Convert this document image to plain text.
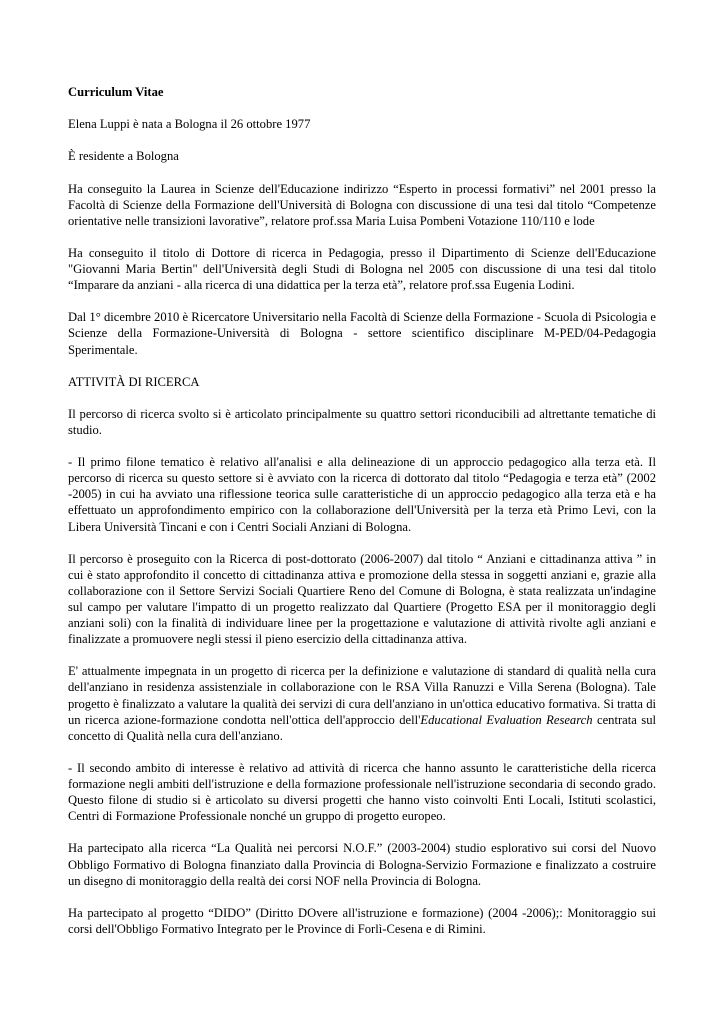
Curriculum Vitae

Elena Luppi è nata a Bologna il 26 ottobre 1977

È residente a Bologna

Ha conseguito la Laurea in Scienze dell'Educazione indirizzo “Esperto in processi formativi” nel 2001 presso la Facoltà di Scienze della Formazione dell'Università di Bologna con discussione di una tesi dal titolo “Competenze orientative nelle transizioni lavorative”, relatore prof.ssa Maria Luisa Pombeni Votazione 110/110 e lode

Ha conseguito il titolo di Dottore di ricerca in Pedagogia, presso il Dipartimento di Scienze dell'Educazione "Giovanni Maria Bertin" dell'Università degli Studi di Bologna nel 2005 con discussione di una tesi dal titolo “Imparare da anziani - alla ricerca di una didattica per la terza età”, relatore prof.ssa Eugenia Lodini.

Dal 1° dicembre 2010 è Ricercatore Universitario nella Facoltà di Scienze della Formazione - Scuola di Psicologia e Scienze della Formazione-Università di Bologna - settore scientifico disciplinare M-PED/04-Pedagogia Sperimentale.

ATTIVITÀ DI RICERCA

Il percorso di ricerca svolto si è articolato principalmente su quattro settori riconducibili ad altrettante tematiche di studio.

- Il primo filone tematico è relativo all'analisi e alla delineazione di un approccio pedagogico alla terza età. Il percorso di ricerca su questo settore si è avviato con la ricerca di dottorato dal titolo “Pedagogia e terza età” (2002 -2005) in cui ha avviato una riflessione teorica sulle caratteristiche di un approccio pedagogico alla terza età e ha effettuato un approfondimento empirico con la collaborazione dell'Università per la terza età Primo Levi, con la Libera Università Tincani e con i Centri Sociali Anziani di Bologna.

Il percorso è proseguito con la Ricerca di post-dottorato (2006-2007) dal titolo “ Anziani e cittadinanza attiva ” in cui è stato approfondito il concetto di cittadinanza attiva e promozione della stessa in soggetti anziani e, grazie alla collaborazione con il Settore Servizi Sociali Quartiere Reno del Comune di Bologna, è stata realizzata un'indagine sul campo per valutare l'impatto di un progetto realizzato dal Quartiere (Progetto ESA per il monitoraggio degli anziani soli) con la finalità di individuare linee per la progettazione e valutazione di attività rivolte agli anziani e finalizzate a promuovere negli stessi il pieno esercizio della cittadinanza attiva.

E' attualmente impegnata in un progetto di ricerca per la definizione e valutazione di standard di qualità nella cura dell'anziano in residenza assistenziale in collaborazione con le RSA Villa Ranuzzi e Villa Serena (Bologna). Tale progetto è finalizzato a valutare la qualità dei servizi di cura dell'anziano in un'ottica educativo formativa. Si tratta di un ricerca azione-formazione condotta nell'ottica dell'approccio dell'Educational Evaluation Research centrata sul concetto di Qualità nella cura dell'anziano.

- Il secondo ambito di interesse è relativo ad attività di ricerca che hanno assunto le caratteristiche della ricerca formazione negli ambiti dell'istruzione e della formazione professionale nell'istruzione secondaria di secondo grado. Questo filone di studio si è articolato su diversi progetti che hanno visto coinvolti Enti Locali, Istituti scolastici, Centri di Formazione Professionale nonché un gruppo di progetto europeo.

Ha partecipato alla ricerca “La Qualità nei percorsi N.O.F.” (2003-2004) studio esplorativo sui corsi del Nuovo Obbligo Formativo di Bologna finanziato dalla Provincia di Bologna-Servizio Formazione e finalizzato a costruire un disegno di monitoraggio della realtà dei corsi NOF nella Provincia di Bologna.

Ha partecipato al progetto “DIDO” (Diritto DOvere all'istruzione e formazione) (2004 -2006);: Monitoraggio sui corsi dell'Obbligo Formativo Integrato per le Province di Forlì-Cesena e di Rimini.
